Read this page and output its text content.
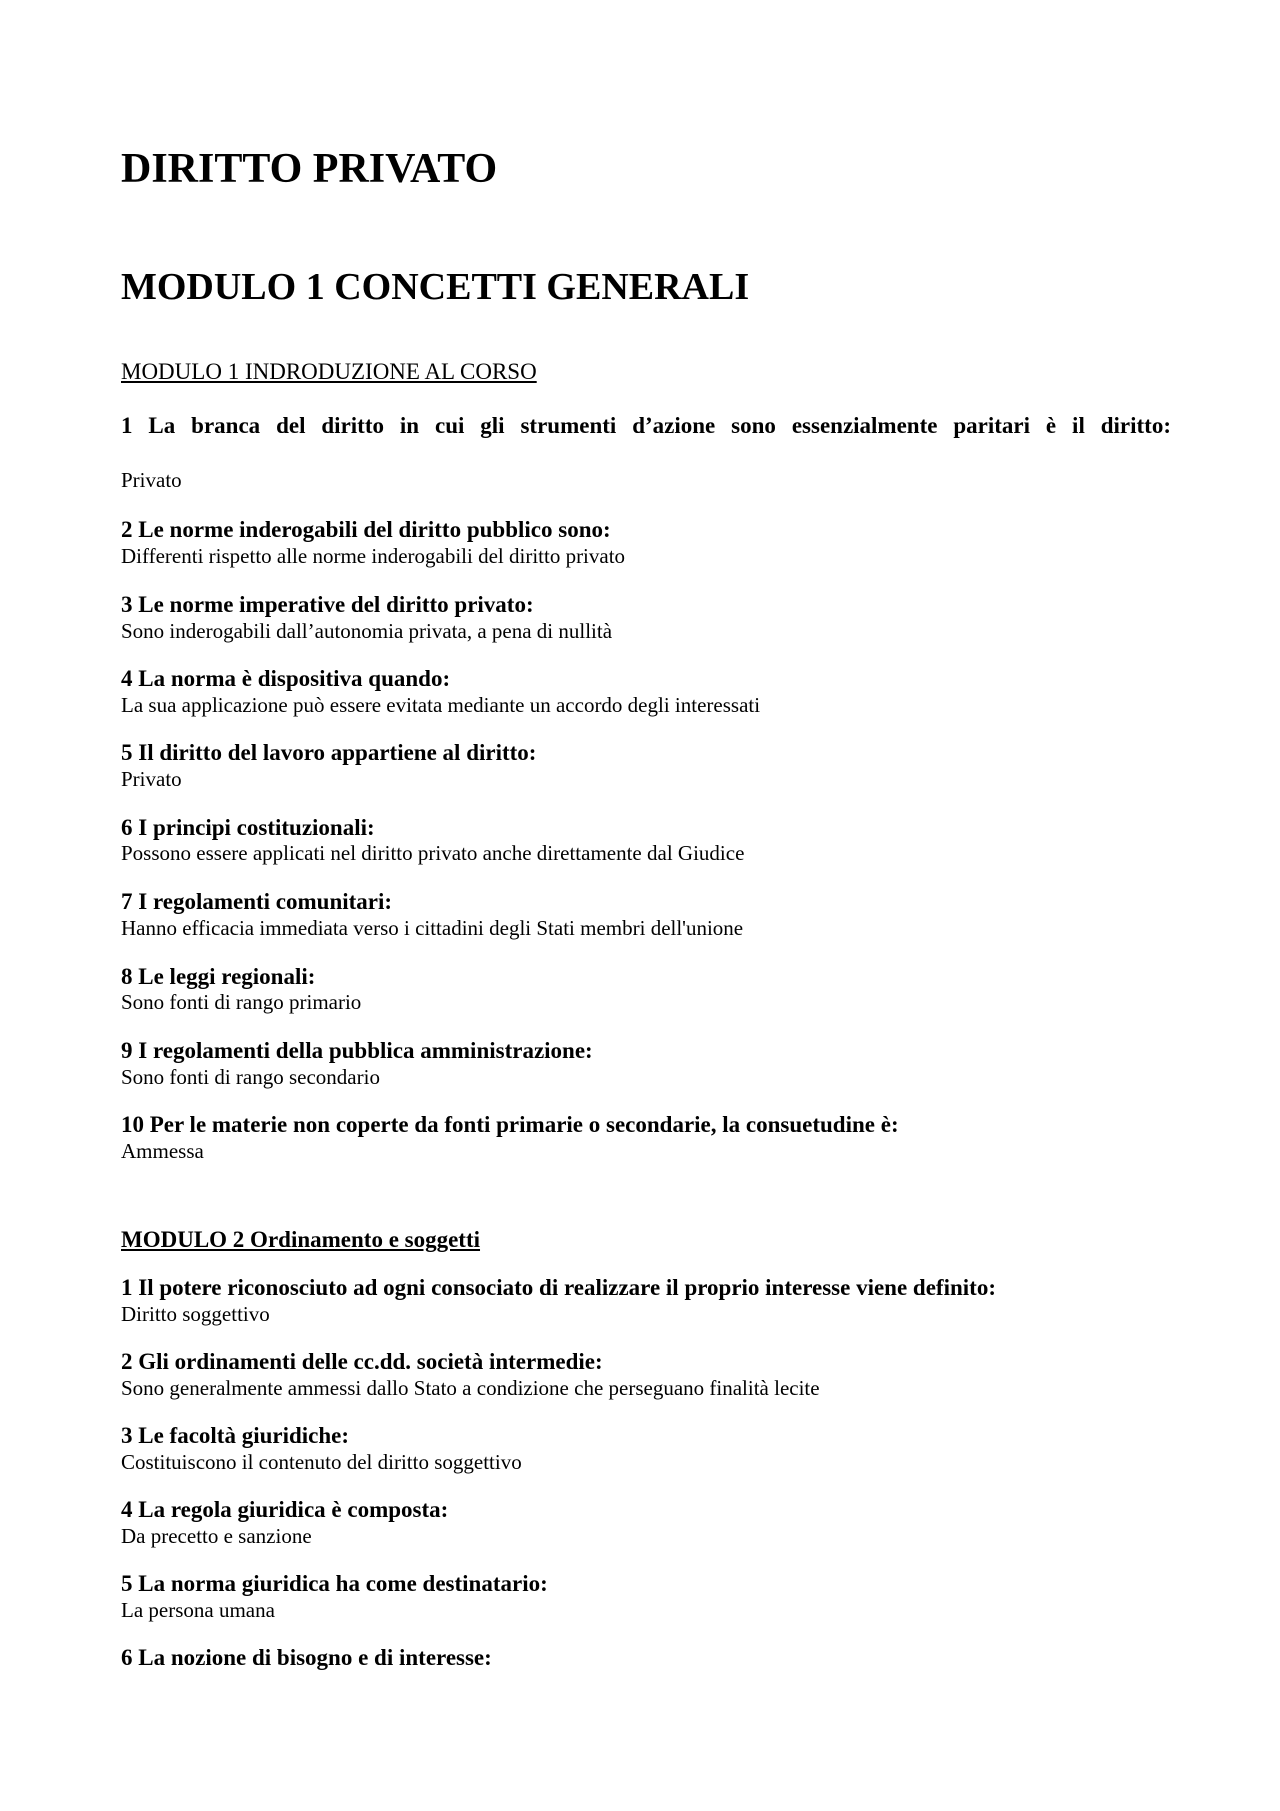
DIRITTO PRIVATO
MODULO 1 CONCETTI GENERALI

MODULO 1 INDRODUZIONE AL CORSO

1 La branca del diritto in cui gli strumenti d’azione sono essenzialmente paritari è il diritto:

Privato

2 Le norme inderogabili del diritto pubblico sono:

Differenti rispetto alle norme inderogabili del diritto privato

3 Le norme imperative del diritto privato:

Sono inderogabili dall’autonomia privata, a pena di nullità

4 La norma è dispositiva quando:

La sua applicazione può essere evitata mediante un accordo degli interessati

5 Il diritto del lavoro appartiene al diritto:

Privato

6 I principi costituzionali:

Possono essere applicati nel diritto privato anche direttamente dal Giudice

7 I regolamenti comunitari:

Hanno efficacia immediata verso i cittadini degli Stati membri dell'unione

8 Le leggi regionali:

Sono fonti di rango primario

9 I regolamenti della pubblica amministrazione:

Sono fonti di rango secondario

10 Per le materie non coperte da fonti primarie o secondarie, la consuetudine è:

Ammessa

MODULO 2 Ordinamento e soggetti

1 Il potere riconosciuto ad ogni consociato di realizzare il proprio interesse viene definito:

Diritto soggettivo

2 Gli ordinamenti delle cc.dd. società intermedie:

Sono generalmente ammessi dallo Stato a condizione che perseguano finalità lecite

3 Le facoltà giuridiche:

Costituiscono il contenuto del diritto soggettivo

4 La regola giuridica è composta:

Da precetto e sanzione

5 La norma giuridica ha come destinatario:

La persona umana

6 La nozione di bisogno e di interesse:
